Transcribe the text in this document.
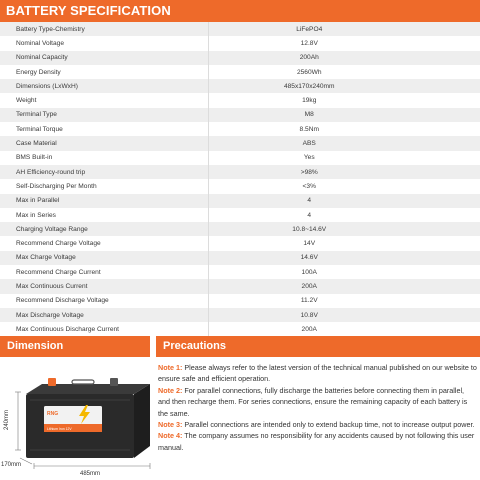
BATTERY SPECIFICATION
Battery Type-Chemistry	LiFePO4
Nominal Voltage	12.8V
Nominal Capacity	200Ah
Energy Density	2560Wh
Dimensions (LxWxH)	485x170x240mm
Weight	19kg
Terminal Type	M8
Terminal Torque	8.5Nm
Case Material	ABS
BMS Built-in	Yes
AH Efficiency-round trip	>98%
Self-Discharging Per Month	<3%
Max in Parallel	4
Max in Series	4
Charging Voltage Range	10.8~14.6V
Recommend Charge Voltage	14V
Max Charge Voltage	14.6V
Recommend Charge Current	100A
Max Continuous Current	200A
Recommend Discharge Voltage	11.2V
Max Discharge Voltage	10.8V
Max Continuous Discharge Current	200A
Dimension	Precautions
RNG
Lithium Iron 12V
240mm
170mm
485mm

Note 1: Please always refer to the latest version of the technical manual published on our website to ensure safe and efficient operation.

Note 2: For parallel connections, fully discharge the batteries before connecting them in parallel, and then recharge them. For series connections, ensure the remaining capacity of each battery is the same.

Note 3: Parallel connections are intended only to extend backup time, not to increase output power.

Note 4: The company assumes no responsibility for any accidents caused by not following this user manual.
